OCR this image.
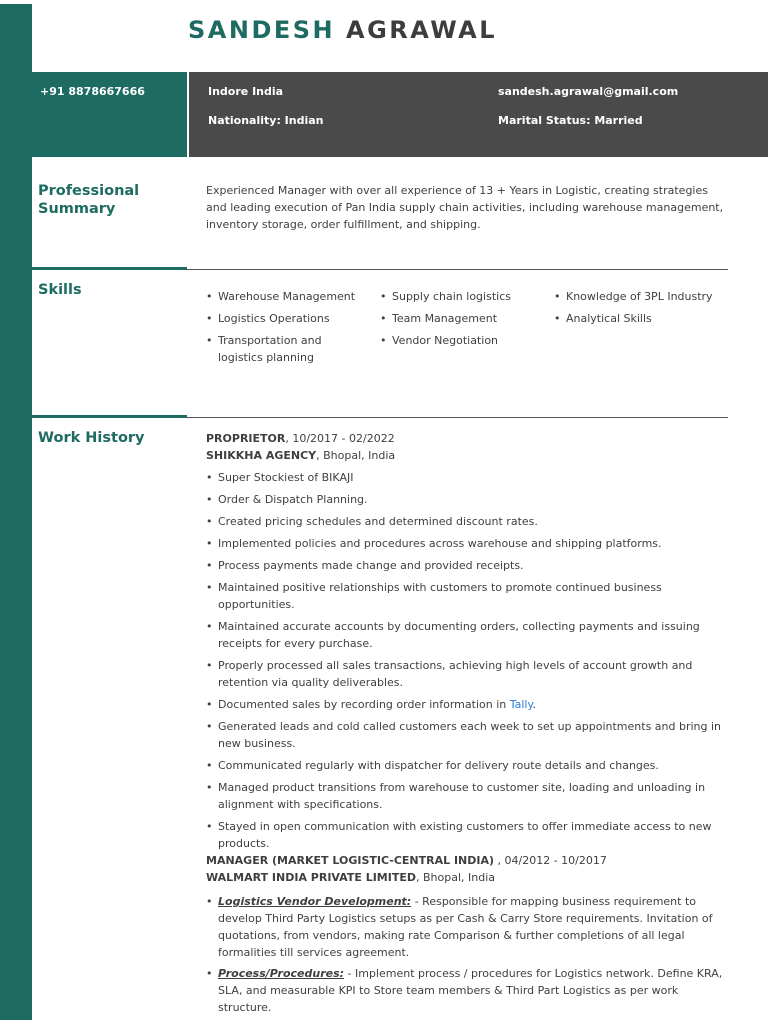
SANDESH AGRAWAL
+91 8878667666	Indore India
Nationality: Indian
sandesh.agrawal@gmail.com
Marital Status: Married
Professional
Summary
Experienced Manager with over all experience of 13 + Years in Logistic, creating strategies and leading execution of Pan India supply chain activities, including warehouse management, inventory storage, order fulfillment, and shipping.
Skills
•	Warehouse Management
• Logistics Operations
• Transportation and logistics planning
• Supply chain logistics
• Team Management
• Vendor Negotiation
• Knowledge of 3PL Industry
• Analytical Skills
Work History	PROPRIETOR, 10/2017 - 02/2022
SHIKKHA AGENCY, Bhopal, India
• Super Stockiest of BIKAJI
• Order & Dispatch Planning.
• Created pricing schedules and determined discount rates.
• Implemented policies and procedures across warehouse and shipping platforms.
• Process payments made change and provided receipts.
• Maintained positive relationships with customers to promote continued business opportunities.
• Maintained accurate accounts by documenting orders, collecting payments and issuing receipts for every purchase.
• Properly processed all sales transactions, achieving high levels of account growth and retention via quality deliverables.
• Documented sales by recording order information in Tally.
• Generated leads and cold called customers each week to set up appointments and bring in new business.
• Communicated regularly with dispatcher for delivery route details and changes.
• Managed product transitions from warehouse to customer site, loading and unloading in alignment with specifications.
• Stayed in open communication with existing customers to offer immediate access to new products.
MANAGER (MARKET LOGISTIC-CENTRAL INDIA) , 04/2012 - 10/2017
WALMART INDIA PRIVATE LIMITED, Bhopal, India
• Logistics Vendor Development: - Responsible for mapping business requirement to develop Third Party Logistics setups as per Cash & Carry Store requirements. Invitation of quotations, from vendors, making rate Comparison & further completions of all legal formalities till services agreement.
• Process/Procedures: - Implement process / procedures for Logistics network. Define KRA, SLA, and measurable KPI to Store team members & Third Part Logistics as per work structure.
